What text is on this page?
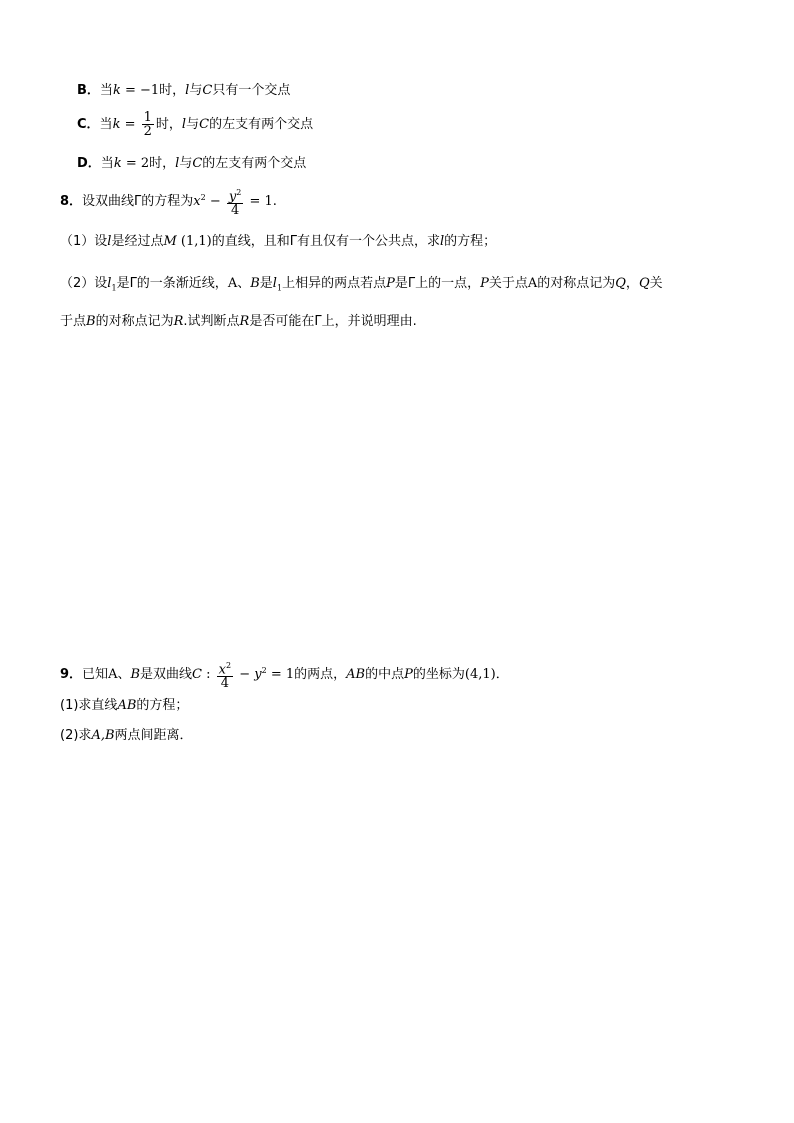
B．当k = −1时，l与C只有一个交点
C．当$k = \frac{1}{2}$ 时，l与C的左支有两个交点
D．当k = 2时，l与C的左支有两个交点
8．设双曲线Γ的方程为$x^2 - \frac{y^2}{4} = 1$.
（1）设l是经过点M (1,1)的直线，且和Γ有且仅有一个公共点，求l的方程；
（2）设$l_1$是Γ的一条渐近线，A、B是$l_1$上相异的两点若点P是Γ上的一点，P关于点A的对称点记为Q，Q关
于点B的对称点记为R.试判断点R是否可能在Γ上，并说明理由.
9．已知A、B是双曲线C : $\frac{x^2}{4} - y^2 = 1$的两点，AB的中点P的坐标为(4,1)．
(1)求直线AB的方程；
(2)求A,B两点间距离．
